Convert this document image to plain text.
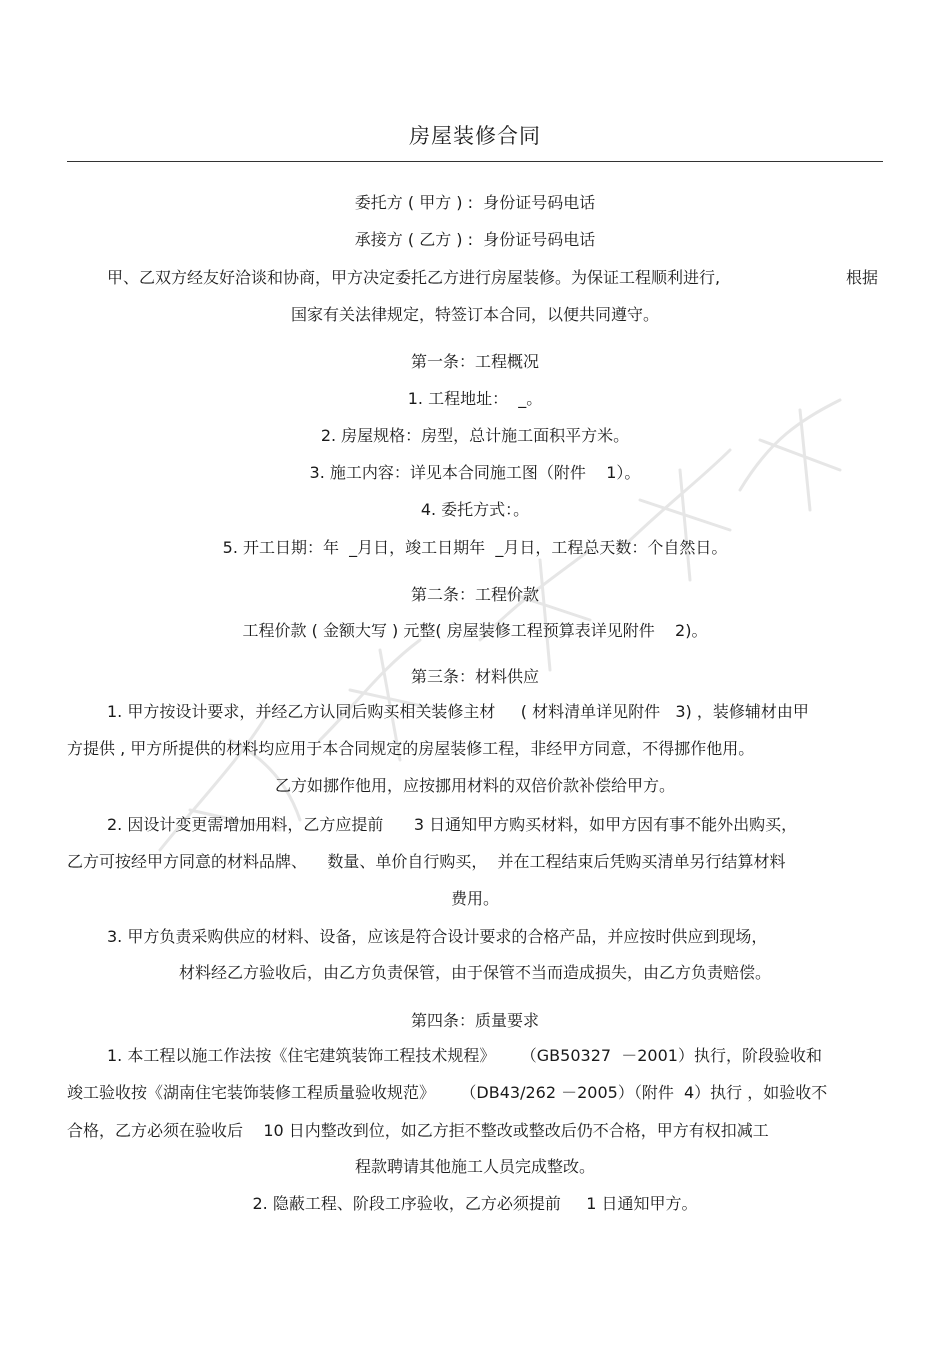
房屋装修合同
委托方 ( 甲方 ) :  身份证号码电话
承接方 ( 乙方 ) :  身份证号码电话
甲、乙双方经友好洽谈和协商，甲方决定委托乙方进行房屋装修。为保证工程顺利进行,	根据
国家有关法律规定，特签订本合同，以便共同遵守。
第一条：工程概况
1. 工程地址：  _。
2. 房屋规格：房型，总计施工面积平方米。
3. 施工内容：详见本合同施工图（附件    1）。
4. 委托方式：。
5. 开工日期：年  _月日，竣工日期年  _月日，工程总天数：个自然日。
第二条：工程价款
工程价款 ( 金额大写 ) 元整( 房屋装修工程预算表详见附件    2)。
第三条：材料供应
1. 甲方按设计要求，并经乙方认同后购买相关装修主材     ( 材料清单详见附件   3) ，装修辅材由甲
方提供 , 甲方所提供的材料均应用于本合同规定的房屋装修工程，非经甲方同意，不得挪作他用。
乙方如挪作他用，应按挪用材料的双倍价款补偿给甲方。
2. 因设计变更需增加用料，乙方应提前      3 日通知甲方购买材料，如甲方因有事不能外出购买，
乙方可按经甲方同意的材料品牌、    数量、单价自行购买，  并在工程结束后凭购买清单另行结算材料
费用。
3. 甲方负责采购供应的材料、设备，应该是符合设计要求的合格产品，并应按时供应到现场，
材料经乙方验收后，由乙方负责保管，由于保管不当而造成损失，由乙方负责赔偿。
第四条：质量要求
1. 本工程以施工作法按《住宅建筑装饰工程技术规程》     （GB50327  －2001）执行，阶段验收和
竣工验收按《湖南住宅装饰装修工程质量验收规范》     （DB43/262 －2005）（附件  4）执行 ，如验收不
合格，乙方必须在验收后    10 日内整改到位，如乙方拒不整改或整改后仍不合格，甲方有权扣减工
程款聘请其他施工人员完成整改。
2. 隐蔽工程、阶段工序验收，乙方必须提前     1 日通知甲方。
